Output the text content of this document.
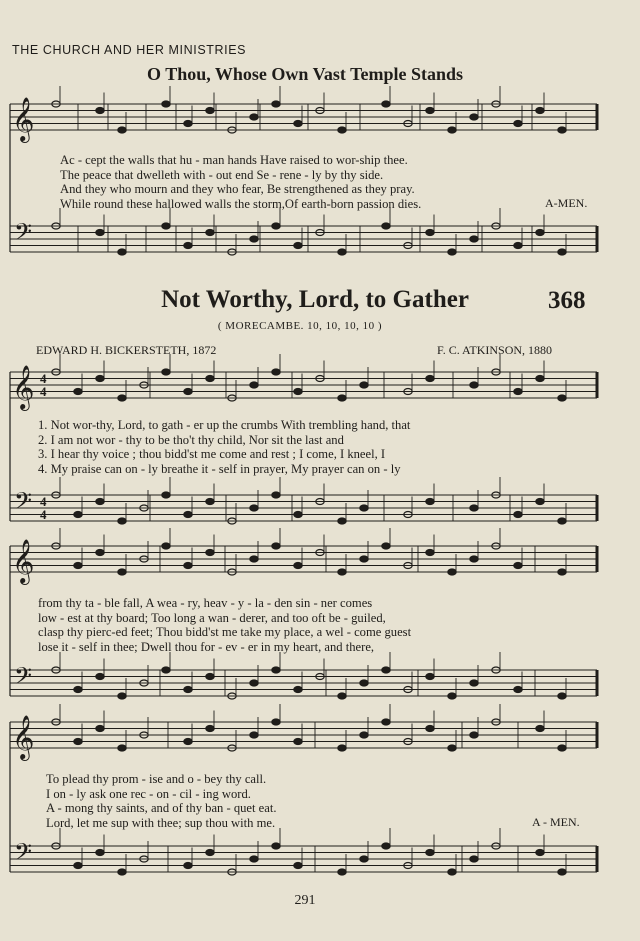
THE CHURCH AND HER MINISTRIES
O Thou, Whose Own Vast Temple Stands
𝄞
𝄢
𝄞
𝄢
4
4
4
4
𝄞
𝄢
𝄞
𝄢
Ac - cept the walls that hu - man hands Have raised to wor-ship thee.
The peace that dwelleth with - out end Se - rene - ly by thy side.
And they who mourn and they who fear, Be strengthened as they pray.
While round these hallowed walls the storm,Of earth-born passion dies.	A-MEN.
Not Worthy, Lord, to Gather	368
( MORECAMBE. 10, 10, 10, 10 )
EDWARD H. BICKERSTETH, 1872	F. C. ATKINSON, 1880
1. Not wor-thy, Lord, to gath - er up the crumbs With trembling hand, that
2. I am not wor - thy to be tho't thy child, Nor sit the last and
3. I hear thy voice ; thou bidd'st me come and rest ; I come, I kneel, I
4. My praise can on - ly breathe it - self in prayer, My prayer can on - ly
from thy ta - ble fall, A wea - ry, heav - y - la - den sin - ner comes
low - est at thy board; Too long a wan - derer, and too oft be - guiled,
clasp thy pierc-ed feet; Thou bidd'st me take my place, a wel - come guest
lose it - self in thee; Dwell thou for - ev - er in my heart, and there,
To plead thy prom - ise and o - bey thy call.
I on - ly ask one rec - on - cil - ing word.
A - mong thy saints, and of thy ban - quet eat.
Lord, let me sup with thee; sup thou with me.	A - MEN.
291
